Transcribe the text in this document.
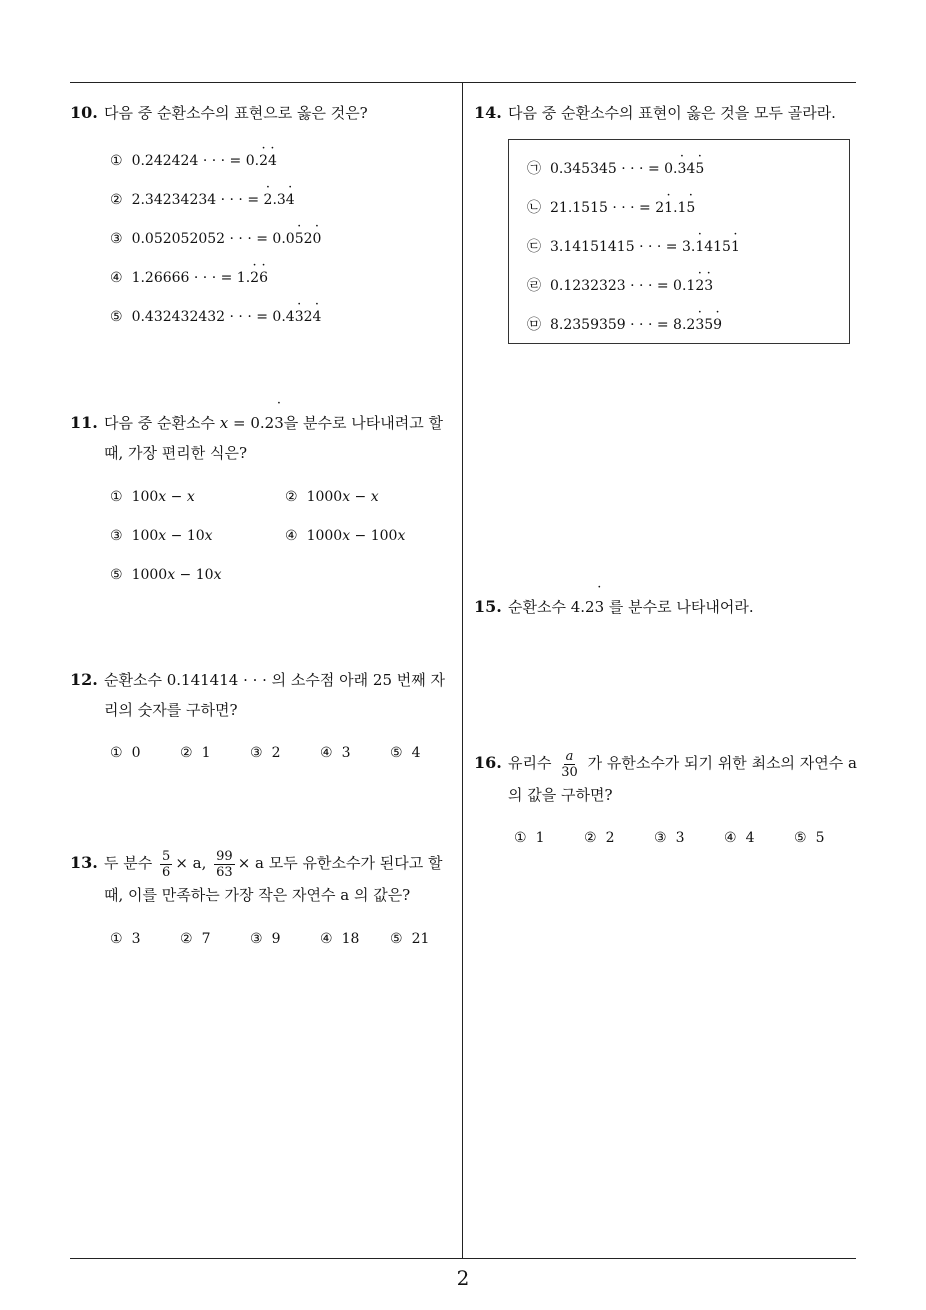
10. 다음 중 순환소수의 표현으로 옳은 것은?
① 0.242424 · · · = 0.· 2· 4
② 2.34234234 · · · = · 2.3· 4
③ 0.052052052 · · · = 0.0· 52· 0
④ 1.26666 · · · = 1.· 2· 6
⑤ 0.432432432 · · · = 0.4· 32· 4
11. 다음 중 순환소수 x = 0.2· 3을 분수로 나타내려고 할 때, 가장 편리한 식은?
① 100x − x	② 1000x − x
③ 100x − 10x	④ 1000x − 100x
⑤ 1000x − 10x
12. 순환소수 0.141414 · · · 의 소수점 아래 25 번째 자리의 숫자를 구하면?
① 0	② 1	③ 2	④ 3	⑤ 4
13. 두 분수 $\frac{5}{6} \times a$, $\frac{99}{63} \times a$ 모두 유한소수가 된다고 할
때, 이를 만족하는 가장 작은 자연수 a 의 값은?
① 3	② 7	③ 9	④ 18 ⑤ 21
14. 다음 중 순환소수의 표현이 옳은 것을 모두 골라라.
㉠ 0.345345 · · · = 0.· 34· 5
㉡ 21.1515 · · · = 2· 1.1· 5
㉢ 3.14151415 · · · = 3.· 1415· 1
㉣ 0.1232323 · · · = 0.1· 2· 3
㉤ 8.2359359 · · · = 8.2· 35· 9
15. 순환소수 4.2· 3 를 분수로 나타내어라.
16. 유리수 $\frac{a}{30}$ 가 유한소수가 되기 위한 최소의 자연수 a
의 값을 구하면?
① 1	② 2	③ 3	④ 4	⑤ 5
2
